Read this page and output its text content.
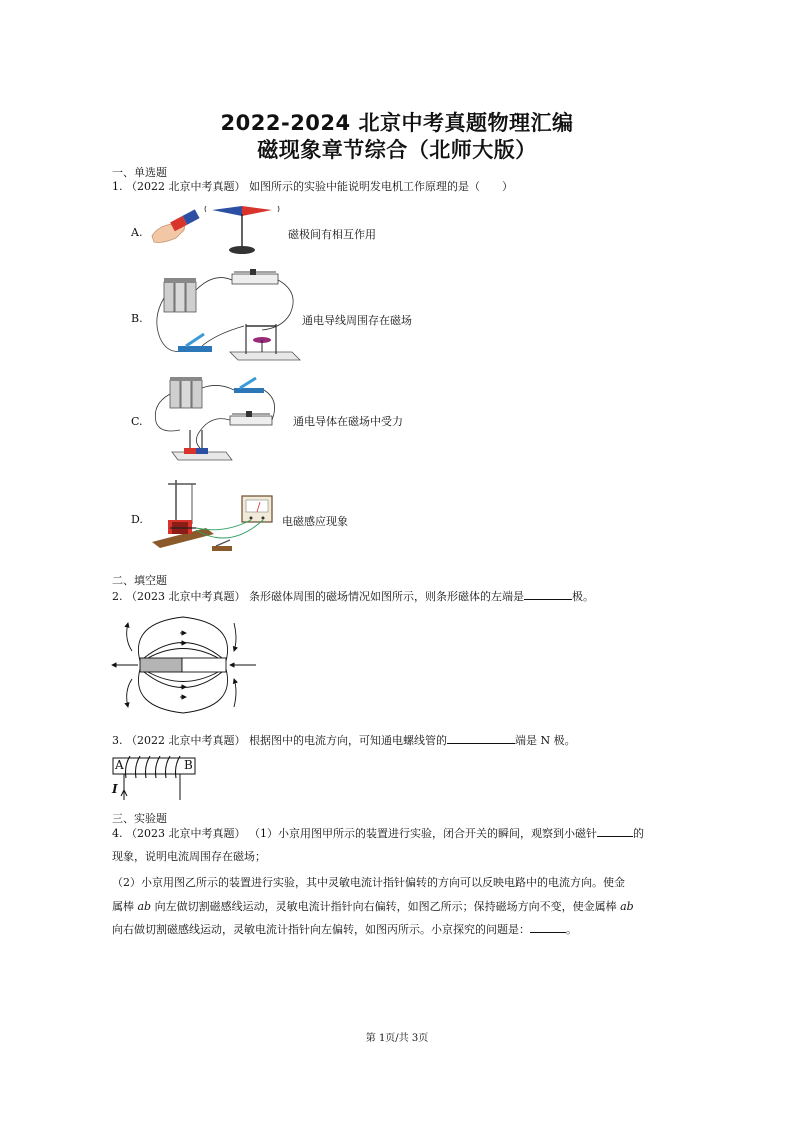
2022-2024 北京中考真题物理汇编
磁现象章节综合（北师大版）
一、单选题
1. （2022 北京中考真题） 如图所示的实验中能说明发电机工作原理的是（　　）
A.	磁极间有相互作用
B.	通电导线周围存在磁场
C.	通电导体在磁场中受力
D.	电磁感应现象
二、填空题
2. （2023 北京中考真题） 条形磁体周围的磁场情况如图所示，则条形磁体的左端是	极。
3. （2022 北京中考真题） 根据图中的电流方向，可知通电螺线管的	端是 N 极。
A	B
I
三、实验题
4. （2023 北京中考真题） （1）小京用图甲所示的装置进行实验，闭合开关的瞬间，观察到小磁针	的
现象，说明电流周围存在磁场；
（2）小京用图乙所示的装置进行实验，其中灵敏电流计指针偏转的方向可以反映电路中的电流方向。使金
属棒 ab 向左做切割磁感线运动，灵敏电流计指针向右偏转，如图乙所示；保持磁场方向不变，使金属棒 ab
向右做切割磁感线运动，灵敏电流计指针向左偏转，如图丙所示。小京探究的问题是：	。
第 1页/共 3页
